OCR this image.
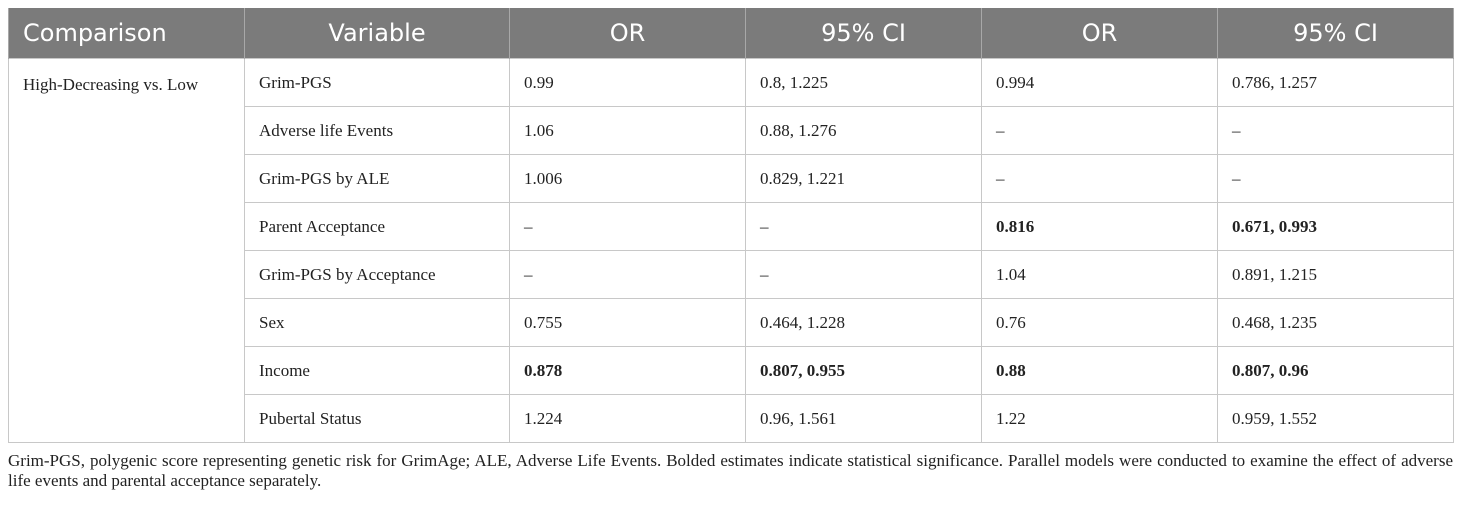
Comparison	Variable	OR	95% CI	OR	95% CI
High-Decreasing vs. Low	Grim-PGS	0.99	0.8, 1.225	0.994	0.786, 1.257
	Adverse life Events	1.06	0.88, 1.276	–	–
	Grim-PGS by ALE	1.006	0.829, 1.221	–	–
	Parent Acceptance	–	–	0.816	0.671, 0.993
	Grim-PGS by Acceptance	–	–	1.04	0.891, 1.215
	Sex	0.755	0.464, 1.228	0.76	0.468, 1.235
	Income	0.878	0.807, 0.955	0.88	0.807, 0.96
	Pubertal Status	1.224	0.96, 1.561	1.22	0.959, 1.552
Grim-PGS, polygenic score representing genetic risk for GrimAge; ALE, Adverse Life Events. Bolded estimates indicate statistical significance. Parallel models were conducted to examine the effect of adverse life events and parental acceptance separately.
